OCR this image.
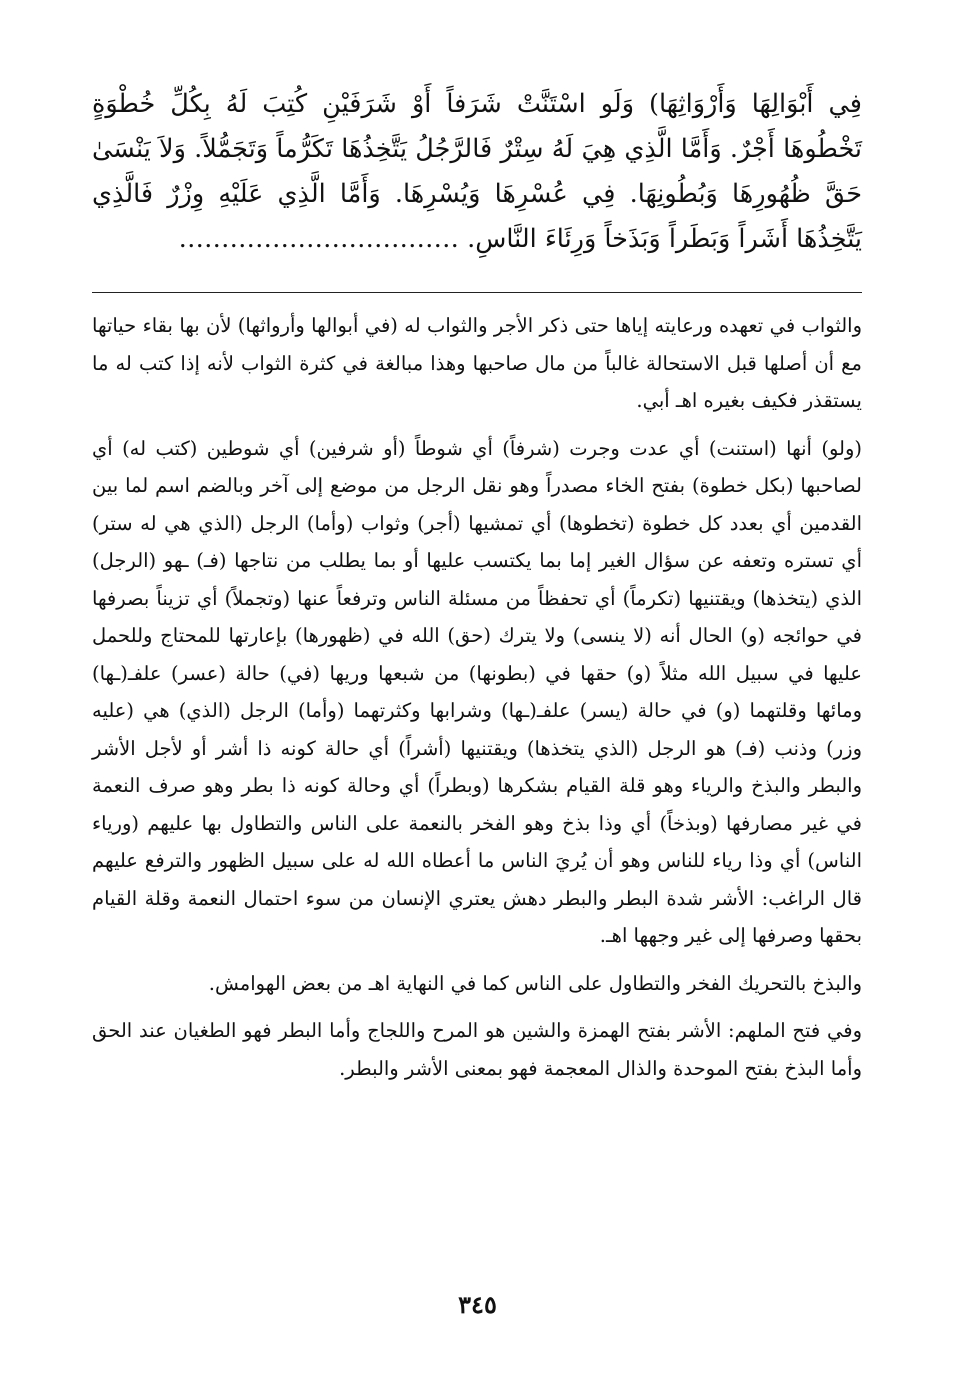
فِي أَبْوَالِهَا وَأَرْوَاثِهَا) وَلَو اسْتَنَّتْ شَرَفاً أَوْ شَرَفَيْنِ كُتِبَ لَهُ بِكُلِّ خُطْوَةٍ تَخْطُوهَا أَجْرٌ. وَأَمَّا الَّذِي هِيَ لَهُ سِتْرٌ فَالرَّجُلُ يَتَّخِذُهَا تَكَرُّماً وَتَجَمُّلاً. وَلاَ يَنْسَىٰ حَقَّ ظُهُورِهَا وَبُطُونِهَا. فِي عُسْرِهَا وَيُسْرِهَا. وَأَمَّا الَّذِي عَلَيْهِ وِزْرٌ فَالَّذِي يَتَّخِذُهَا أَشَراً وَبَطَراً وَبَذَخاً وَرِئَاءَ النَّاسِ. ……………………………

والثواب في تعهده ورعايته إياها حتى ذكر الأجر والثواب له (في أبوالها وأرواثها) لأن بها بقاء حياتها مع أن أصلها قبل الاستحالة غالباً من مال صاحبها وهذا مبالغة في كثرة الثواب لأنه إذا كتب له ما يستقذر فكيف بغيره اهـ أبي.

(ولو) أنها (استنت) أي عدت وجرت (شرفاً) أي شوطاً (أو شرفين) أي شوطين (كتب له) أي لصاحبها (بكل خطوة) بفتح الخاء مصدراً وهو نقل الرجل من موضع إلى آخر وبالضم اسم لما بين القدمين أي بعدد كل خطوة (تخطوها) أي تمشيها (أجر) وثواب (وأما) الرجل (الذي هي له ستر) أي تستره وتعفه عن سؤال الغير إما بما يكتسب عليها أو بما يطلب من نتاجها (فـ) ـهو (الرجل) الذي (يتخذها) ويقتنيها (تكرماً) أي تحفظاً من مسئلة الناس وترفعاً عنها (وتجملاً) أي تزيناً بصرفها في حوائجه (و) الحال أنه (لا ينسى) ولا يترك (حق) الله في (ظهورها) بإعارتها للمحتاج وللحمل عليها في سبيل الله مثلاً (و) حقها في (بطونها) من شبعها وريها (في) حالة (عسر) علفـ(ـها) ومائها وقلتهما (و) في حالة (يسر) علفـ(ـها) وشرابها وكثرتهما (وأما) الرجل (الذي) هي (عليه وزر) وذنب (فـ) هو الرجل (الذي يتخذها) ويقتنيها (أشراً) أي حالة كونه ذا أشر أو لأجل الأشر والبطر والبذخ والرياء وهو قلة القيام بشكرها (وبطراً) أي وحالة كونه ذا بطر وهو صرف النعمة في غير مصارفها (وبذخاً) أي وذا بذخ وهو الفخر بالنعمة على الناس والتطاول بها عليهم (ورياء الناس) أي وذا رياء للناس وهو أن يُريَ الناس ما أعطاه الله له على سبيل الظهور والترفع عليهم قال الراغب: الأشر شدة البطر والبطر دهش يعتري الإنسان من سوء احتمال النعمة وقلة القيام بحقها وصرفها إلى غير وجهها اهـ.

والبذخ بالتحريك الفخر والتطاول على الناس كما في النهاية اهـ من بعض الهوامش.

وفي فتح الملهم: الأشر بفتح الهمزة والشين هو المرح واللجاج وأما البطر فهو الطغيان عند الحق وأما البذخ بفتح الموحدة والذال المعجمة فهو بمعنى الأشر والبطر.

٣٤٥
